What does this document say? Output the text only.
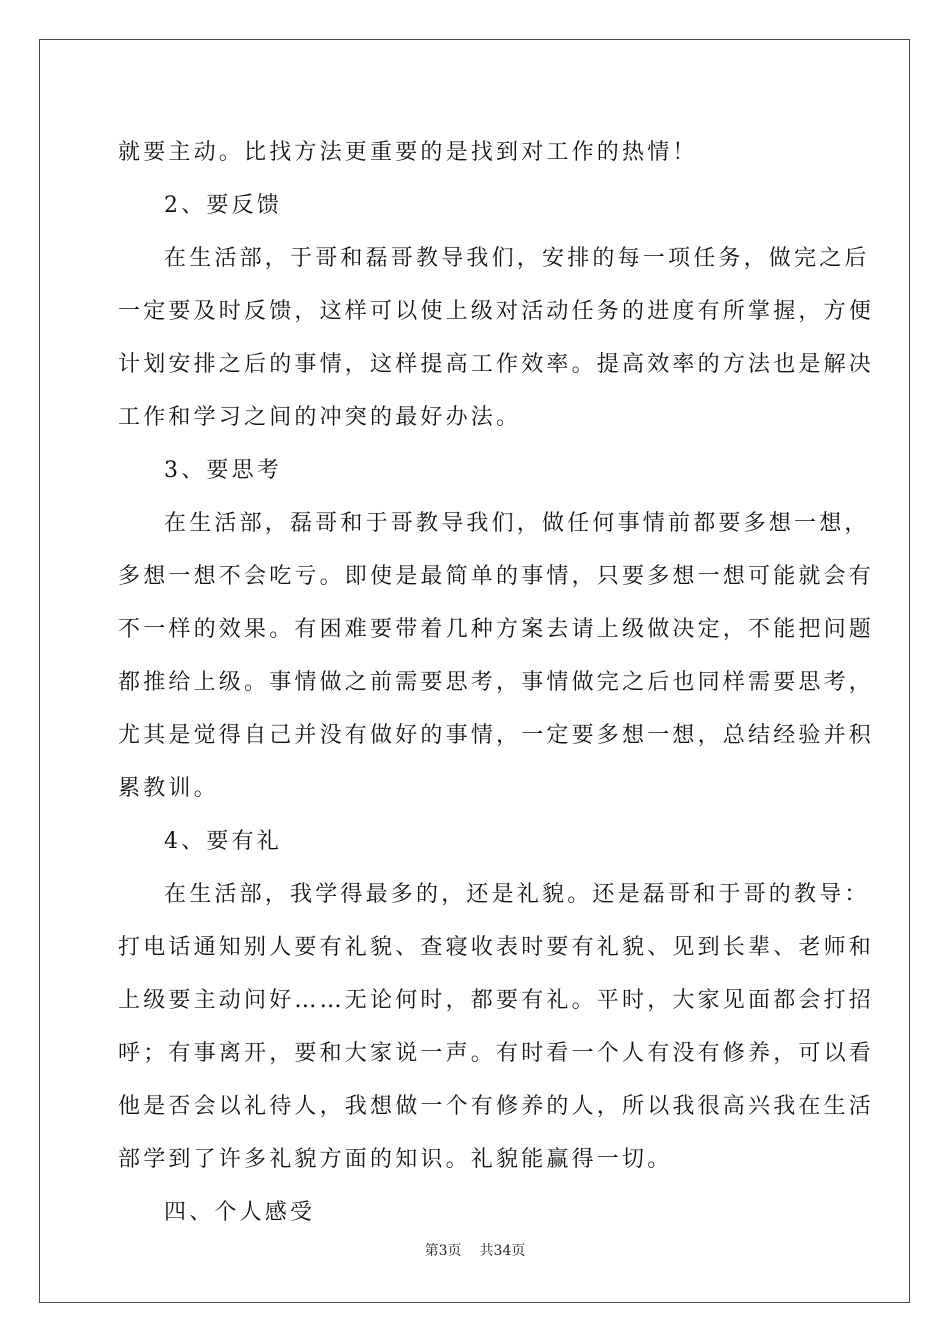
就要主动。比找方法更重要的是找到对工作的热情！
2、要反馈
在生活部，于哥和磊哥教导我们，安排的每一项任务，做完之后
一定要及时反馈，这样可以使上级对活动任务的进度有所掌握，方便
计划安排之后的事情，这样提高工作效率。提高效率的方法也是解决
工作和学习之间的冲突的最好办法。
3、要思考
在生活部，磊哥和于哥教导我们，做任何事情前都要多想一想，
多想一想不会吃亏。即使是最简单的事情，只要多想一想可能就会有
不一样的效果。有困难要带着几种方案去请上级做决定，不能把问题
都推给上级。事情做之前需要思考，事情做完之后也同样需要思考，
尤其是觉得自己并没有做好的事情，一定要多想一想，总结经验并积
累教训。
4、要有礼
在生活部，我学得最多的，还是礼貌。还是磊哥和于哥的教导：
打电话通知别人要有礼貌、查寝收表时要有礼貌、见到长辈、老师和
上级要主动问好……无论何时，都要有礼。平时，大家见面都会打招
呼；有事离开，要和大家说一声。有时看一个人有没有修养，可以看
他是否会以礼待人，我想做一个有修养的人，所以我很高兴我在生活
部学到了许多礼貌方面的知识。礼貌能赢得一切。
四、个人感受
第3页 共34页
